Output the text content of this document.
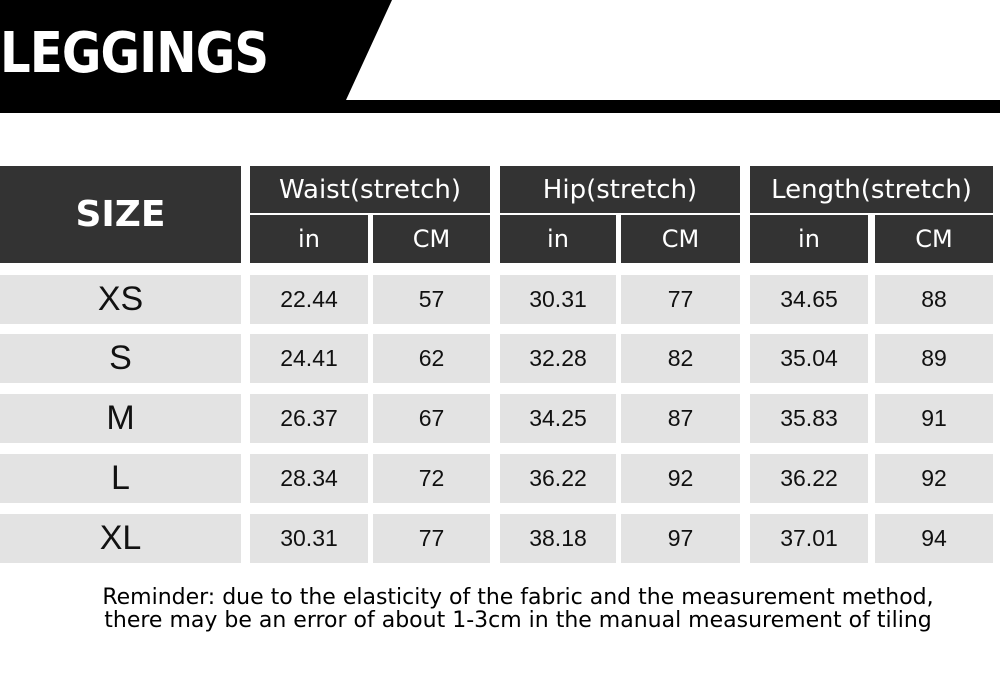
LEGGINGS
SIZE
Waist(stretch)	Hip(stretch)	Length(stretch)
in	CM	in	CM	in	CM
XS	22.44	57	30.31	77	34.65	88
S	24.41	62	32.28	82	35.04	89
M	26.37	67	34.25	87	35.83	91
L	28.34	72	36.22	92	36.22	92
XL	30.31	77	38.18	97	37.01	94
Reminder: due to the elasticity of the fabric and the measurement method,
there may be an error of about 1-3cm in the manual measurement of tiling
